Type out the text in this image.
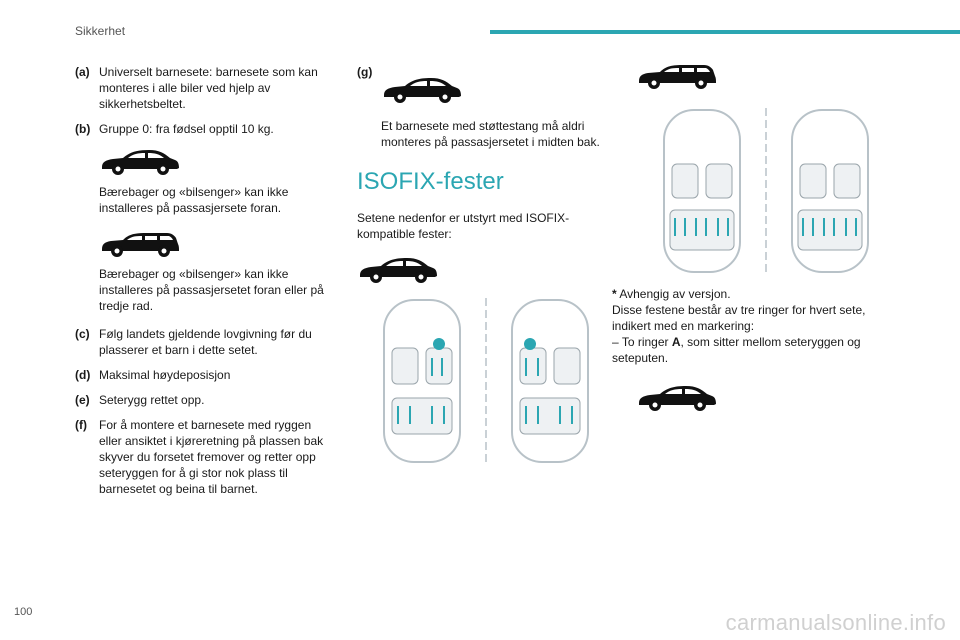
Sikkerhet
(a) Universelt barnesete: barnesete som kan monteres i alle biler ved hjelp av sikkerhetsbeltet.
(b) Gruppe 0: fra fødsel opptil 10 kg.
Bærebager og «bilsenger» kan ikke installeres på passasjersete foran.
Bærebager og «bilsenger» kan ikke installeres på passasjersetet foran eller på tredje rad.
(c) Følg landets gjeldende lovgivning før du plasserer et barn i dette setet.
(d) Maksimal høydeposisjon
(e) Seterygg rettet opp.
(f)	For å montere et barnesete med ryggen eller ansiktet i kjøreretning på plassen bak skyver du forsetet fremover og retter opp seteryggen for å gi stor nok plass til barnesetet og beina til barnet.
(g)
Et barnesete med støttestang må aldri monteres på passasjersetet i midten bak.
ISOFIX-fester
Setene nedenfor er utstyrt med ISOFIX-kompatible fester:
* Avhengig av versjon.
Disse festene består av tre ringer for hvert sete, indikert med en markering:
– To ringer A, som sitter mellom seteryggen og seteputen.
100	carmanualsonline.info
